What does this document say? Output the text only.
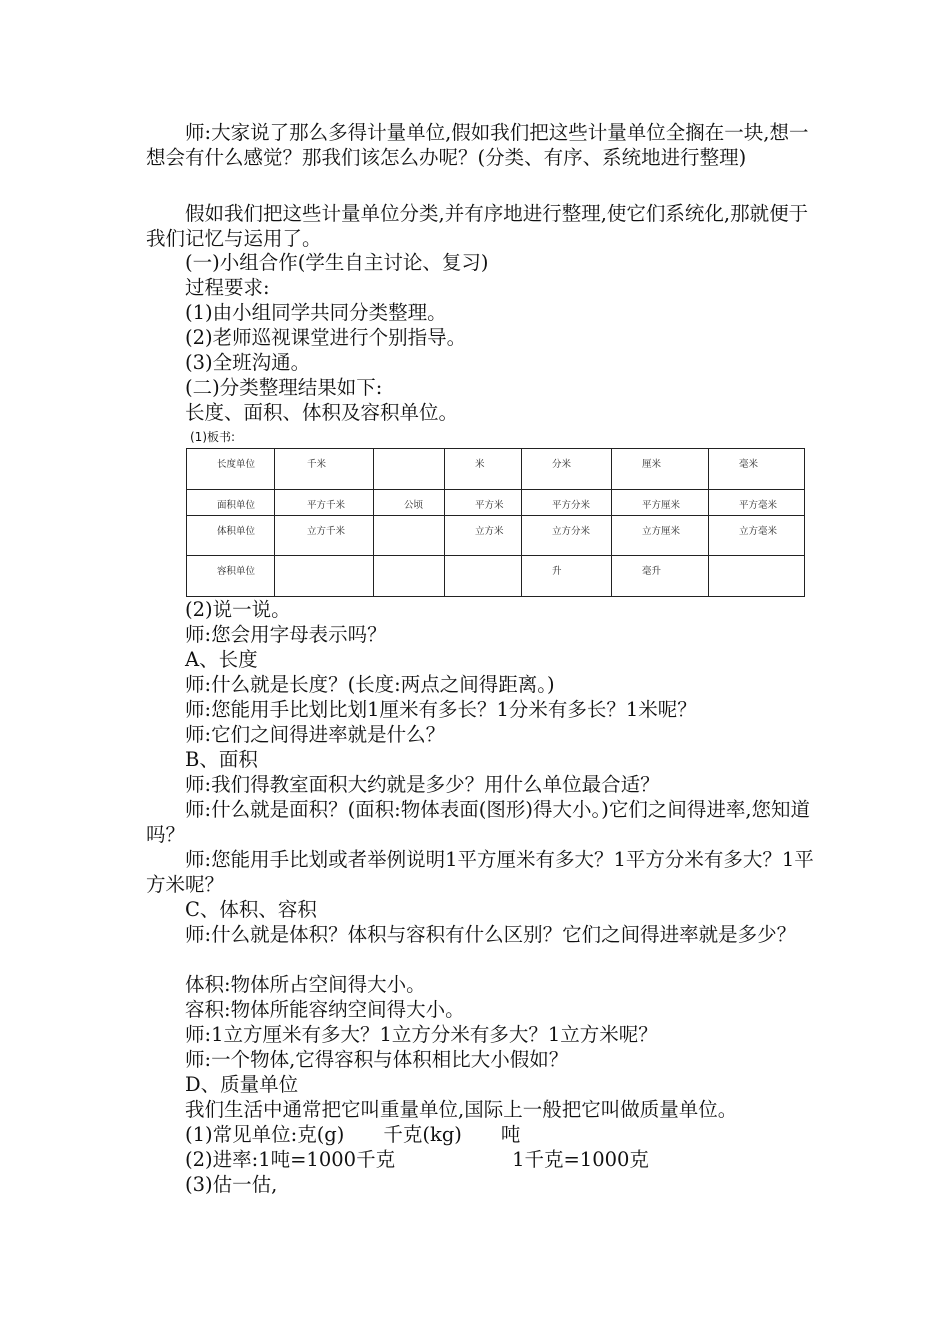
　　师:大家说了那么多得计量单位,假如我们把这些计量单位全搁在一块,想一想会有什么感觉？那我们该怎么办呢？(分类、有序、系统地进行整理)

　　假如我们把这些计量单位分类,并有序地进行整理,使它们系统化,那就便于我们记忆与运用了。

　　(一)小组合作(学生自主讨论、复习)

　　过程要求:

　　(1)由小组同学共同分类整理。

　　(2)老师巡视课堂进行个别指导。

　　(3)全班沟通。

　　(二)分类整理结果如下:

　　长度、面积、体积及容积单位。

(1)板书:
长度单位	千米		米	分米	厘米	毫米

面积单位	平方千米	公顷	平方米	平方分米	平方厘米	平方毫米

体积单位	立方千米		立方米	立方分米	立方厘米	立方毫米

容积单位				升	毫升	

　　(2)说一说。

　　师:您会用字母表示吗？

　　A、长度

　　师:什么就是长度？(长度:两点之间得距离。)

　　师:您能用手比划比划1厘米有多长？1分米有多长？1米呢？

　　师:它们之间得进率就是什么？

　　B、面积

　　师:我们得教室面积大约就是多少？用什么单位最合适？

　　师:什么就是面积？(面积:物体表面(图形)得大小。)它们之间得进率,您知道吗？

　　师:您能用手比划或者举例说明1平方厘米有多大？1平方分米有多大？1平方米呢？

　　C、体积、容积

　　师:什么就是体积？体积与容积有什么区别？它们之间得进率就是多少？

　　体积:物体所占空间得大小。

　　容积:物体所能容纳空间得大小。

　　师:1立方厘米有多大？1立方分米有多大？1立方米呢？

　　师:一个物体,它得容积与体积相比大小假如？

　　D、质量单位

　　我们生活中通常把它叫重量单位,国际上一般把它叫做质量单位。

　　(1)常见单位:克(g)　　千克(kg)　　吨

　　(2)进率:1吨=1000千克　　　　　　1千克=1000克

　　(3)估一估,
